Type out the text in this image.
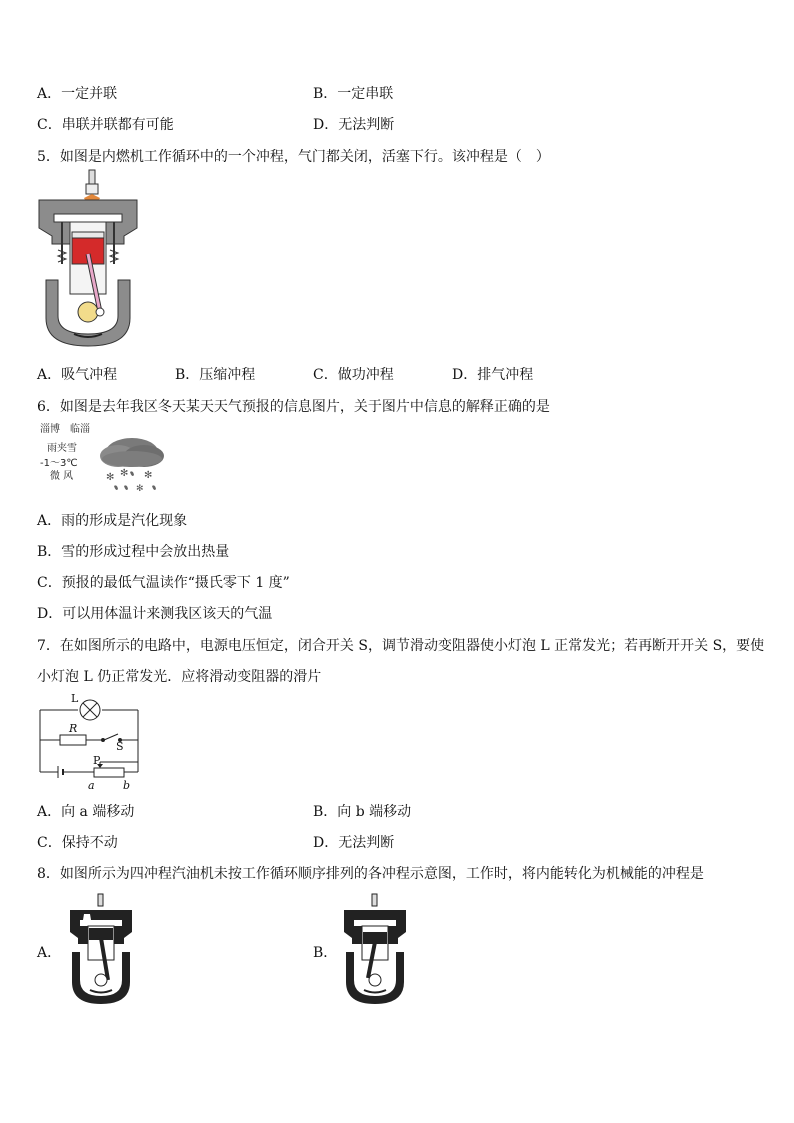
A．一定并联	B．一定串联
C．串联并联都有可能	D．无法判断
5．如图是内燃机工作循环中的一个冲程，气门都关闭，活塞下行。该冲程是（　）
A．吸气冲程	B．压缩冲程	C．做功冲程	D．排气冲程
6．如图是去年我区冬天某天天气预报的信息图片，关于图片中信息的解释正确的是
淄博　临淄
雨夹雪
-1～3℃
微 风	✻ ✻ ✻
✻
A．雨的形成是汽化现象
B．雪的形成过程中会放出热量
C．预报的最低气温读作“摄氏零下 1 度”
D．可以用体温计来测我区该天的气温
7．在如图所示的电路中，电源电压恒定，闭合开关 S，调节滑动变阻器使小灯泡 L 正常发光；若再断开开关 S，要使
小灯泡 L 仍正常发光．应将滑动变阻器的滑片
L
R
S
P
a	b
A．向 a 端移动	B．向 b 端移动
C．保持不动	D．无法判断
8．如图所示为四冲程汽油机未按工作循环顺序排列的各冲程示意图，工作时，将内能转化为机械能的冲程是
A．	B．
